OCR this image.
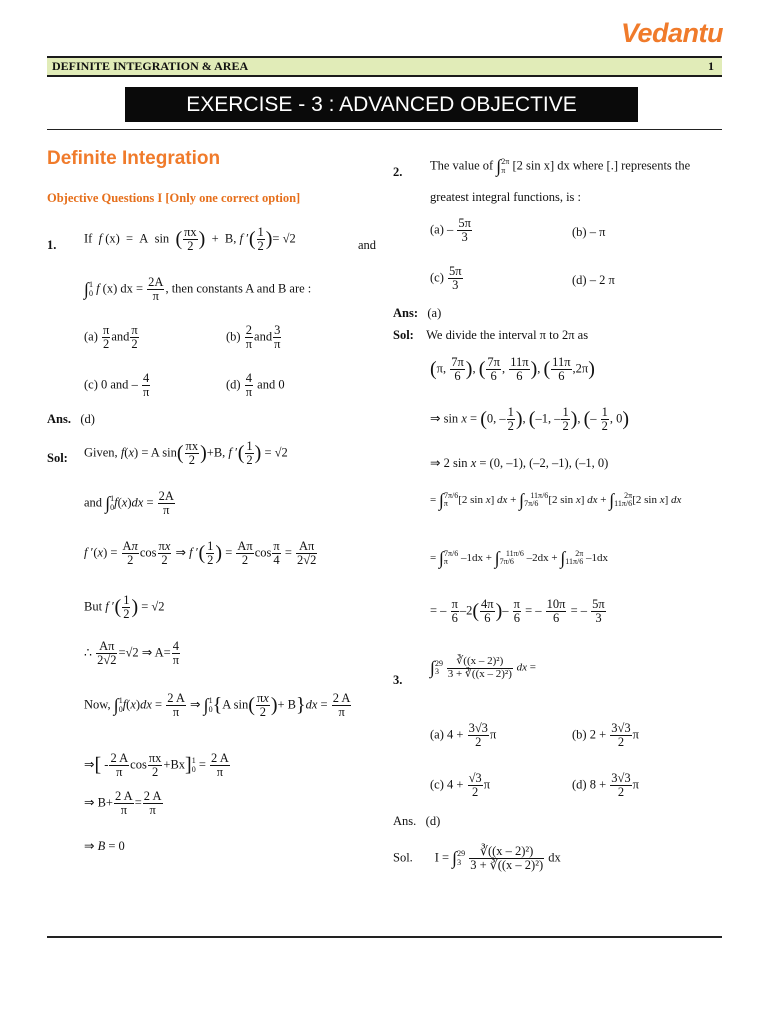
Vedantu
DEFINITE INTEGRATION & AREA	1
EXERCISE - 3 : ADVANCED OBJECTIVE QUESTIONS
Definite Integration
Objective Questions I [Only one correct option]
1. If f (x)  =  A  sin  ( $\frac{\pi x}{2}$ )  +  B, f ′( $\frac{1}{2}$ )= √2	and
$\int_0^1$ f (x) dx = $\frac{2A}{\pi}$ , then constants A and B are :
$(a) \frac{\pi}{2}$ and $\frac{\pi}{2}$	$(b) \frac{2}{\pi}$ and $\frac{3}{\pi}$
(c) 0 and – $\frac{4}{\pi}$	$(d) \frac{4}{\pi}$ and 0
Ans. (d)
Sol: Given, f(x) = A $\sin( \frac{\pi x}{2} )+B$, f ′( $\frac{1}{2}$ ) = √2
and $\int_0^1f(x)dx = \frac{2A}{\pi}$
f $'(x) = \frac{A\pi}{2}$ $\cos \frac{\pi x}{2}$ ⇒ f ′( $\frac{1}{2}$ ) = $\frac{A\pi}{2}$ $\cos \frac{\pi}{4} = \frac{A\pi}{2√2}$
But f ′( $\frac{1}{2}$ ) = √2
∴ $\frac{A\pi}{2√2} =√2$ ⇒ $A= \frac{4}{\pi}$
Now, $\int_0^1f(x)dx = \frac{2 A}{\pi}$ ⇒ $\int_0^1\{A$ $\sin( \frac{\pi x}{2}$ )+ $B\}dx = \frac{2 A}{\pi}$
⇒[ - $\frac{2 A}{\pi}$ $\cos \frac{\pi x}{2} +Bx]_0^1 = \frac{2 A}{\pi}$
⇒ $B+ \frac{2 A}{\pi} = \frac{2 A}{\pi}$
⇒ B = 0
2. The value of $\int_\pi^{2\pi}$ [2 sin x] dx where [.] represents the
greatest integral functions, is :
$(a) - \frac{5\pi}{3}$	(b) – π
$(c) \frac{5\pi}{3}$	(d) – 2 π
Ans: (a)
Sol: We divide the interval π to 2π as
(π, $\frac{7\pi}{6}$ ), ( $\frac{7\pi}{6}$ , $\frac{11\pi}{6}$ ), ( $\frac{11\pi}{6} ,2\pi$)
⇒ sin x = (0, – $\frac{1}{2}$ ), (–1, – $\frac{1}{2}$ ), (– $\frac{1}{2}$ , 0)
⇒ 2 sin x = (0, –1), (–2, –1), (–1, 0)
= $\int_\pi^{7\pi/6}[2$ sin x] dx + $\int_{7\pi/6}^{11\pi/6}[2$ sin x] dx + $\int_{11\pi/6}^{2\pi}[2$ sin x] dx
= $\int_\pi^{7\pi/6}$ $-1dx + \int_{7\pi/6}^{11\pi/6}$ $-2dx + \int_{11\pi/6}^{2\pi}$ –1dx
= – $\frac{\pi}{6} -2( \frac{4\pi}{6}$ )– $\frac{\pi}{6}$ = – $\frac{10\pi}{6}$ = – $\frac{5\pi}{3}$
3.
$\int_3^{29} \frac{\text{∛((x – 2)²)}}{\text{3 + ∛((x – 2)²)}}$ dx =
(a) $4 + \frac{3√3}{2}$ π	(b) $2 + \frac{3√3}{2}$ π
(c) $4 + \frac{√3}{2}$ π	(d) $8 + \frac{3√3}{2}$ π
Ans. (d)
Sol.       $I = \int_3^{29} \frac{\text{∛((x – 2)²)}}{\text{3 + ∛((x – 2)²)}}$ dx
